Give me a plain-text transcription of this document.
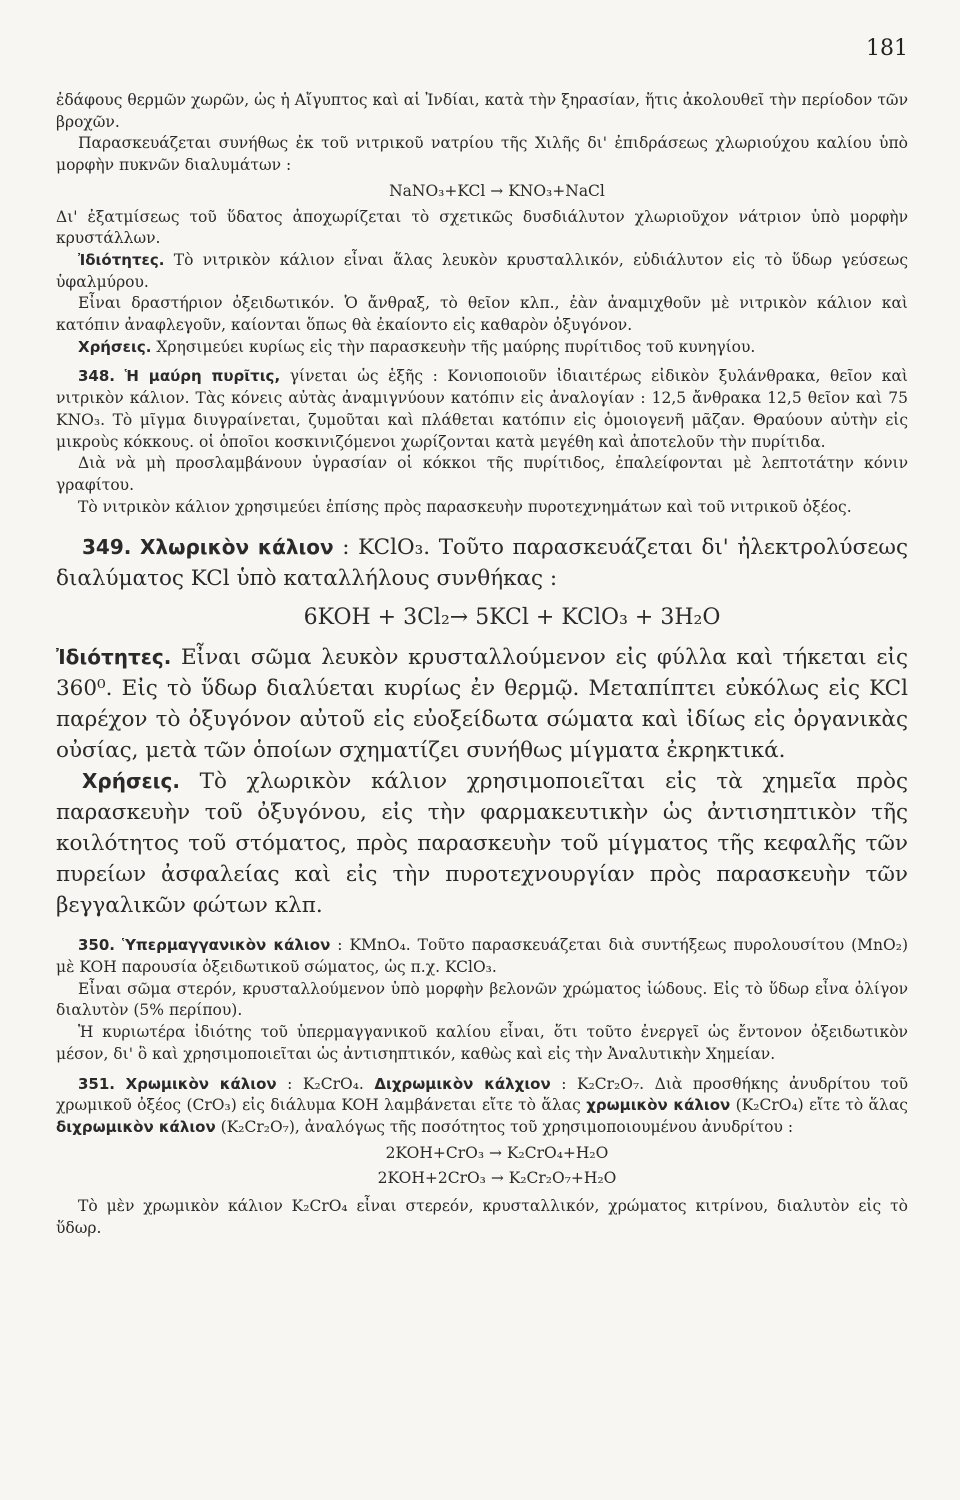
181

ἐδάφους θερμῶν χωρῶν, ὡς ἡ Αἴγυπτος καὶ αἱ Ἰνδίαι, κατὰ τὴν ξηρασίαν, ἥτις ἀκολουθεῖ τὴν περίοδον τῶν βροχῶν.

Παρασκευάζεται συνήθως ἐκ τοῦ νιτρικοῦ νατρίου τῆς Χιλῆς δι' ἐπιδράσεως χλωριούχου καλίου ὑπὸ μορφὴν πυκνῶν διαλυμάτων :

NaNO₃+KCl → KNO₃+NaCl

Δι' ἐξατμίσεως τοῦ ὕδατος ἀποχωρίζεται τὸ σχετικῶς δυσδιάλυτον χλωριοῦχον νάτριον ὑπὸ μορφὴν κρυστάλλων.

Ἰδιότητες. Τὸ νιτρικὸν κάλιον εἶναι ἅλας λευκὸν κρυσταλλικόν, εὐδιάλυτον εἰς τὸ ὕδωρ γεύσεως ὑφαλμύρου.

Εἶναι δραστήριον ὀξειδωτικόν. Ὁ ἄνθραξ, τὸ θεῖον κλπ., ἐὰν ἀναμιχθοῦν μὲ νιτρικὸν κάλιον καὶ κατόπιν ἀναφλεγοῦν, καίονται ὅπως θὰ ἐκαίοντο εἰς καθαρὸν ὀξυγόνον.

Χρήσεις. Χρησιμεύει κυρίως εἰς τὴν παρασκευὴν τῆς μαύρης πυρίτιδος τοῦ κυνηγίου.

348. Ἡ μαύρη πυρῖτις, γίνεται ὡς ἑξῆς : Κονιοποιοῦν ἰδιαιτέρως εἰδικὸν ξυλάνθρακα, θεῖον καὶ νιτρικὸν κάλιον. Τὰς κόνεις αὐτὰς ἀναμιγνύουν κατόπιν εἰς ἀναλογίαν : 12,5 ἄνθρακα 12,5 θεῖον καὶ 75 KNO₃. Τὸ μῖγμα διυγραίνεται, ζυμοῦται καὶ πλάθεται κατόπιν εἰς ὁμοιογενῆ μᾶζαν. Θραύουν αὐτὴν εἰς μικροὺς κόκκους. οἱ ὁποῖοι κοσκινιζόμενοι χωρίζονται κατὰ μεγέθη καὶ ἀποτελοῦν τὴν πυρίτιδα.

Διὰ νὰ μὴ προσλαμβάνουν ὑγρασίαν οἱ κόκκοι τῆς πυρίτιδος, ἐπαλείφονται μὲ λεπτοτάτην κόνιν γραφίτου.

Τὸ νιτρικὸν κάλιον χρησιμεύει ἐπίσης πρὸς παρασκευὴν πυροτεχνημάτων καὶ τοῦ νιτρικοῦ ὀξέος.

349. Χλωρικὸν κάλιον : KClO₃. Τοῦτο παρασκευάζεται δι' ἠλεκτρολύσεως διαλύματος KCl ὑπὸ καταλλήλους συνθήκας :

6KOH + 3Cl₂→ 5KCl + KClO₃ + 3H₂O

Ἰδιότητες. Εἶναι σῶμα λευκὸν κρυσταλλούμενον εἰς φύλλα καὶ τήκεται εἰς 360⁰. Εἰς τὸ ὕδωρ διαλύεται κυρίως ἐν θερμῷ. Μεταπίπτει εὐκόλως εἰς KCl παρέχον τὸ ὀξυγόνον αὐτοῦ εἰς εὐοξείδωτα σώματα καὶ ἰδίως εἰς ὀργανικὰς οὐσίας, μετὰ τῶν ὁποίων σχηματίζει συνήθως μίγματα ἐκρηκτικά.

Χρήσεις. Τὸ χλωρικὸν κάλιον χρησιμοποιεῖται εἰς τὰ χημεῖα πρὸς παρασκευὴν τοῦ ὀξυγόνου, εἰς τὴν φαρμακευτικὴν ὡς ἀντισηπτικὸν τῆς κοιλότητος τοῦ στόματος, πρὸς παρασκευὴν τοῦ μίγματος τῆς κεφαλῆς τῶν πυρείων ἀσφαλείας καὶ εἰς τὴν πυροτεχνουργίαν πρὸς παρασκευὴν τῶν βεγγαλικῶν φώτων κλπ.

350. Ὑπερμαγγανικὸν κάλιον : KMnO₄. Τοῦτο παρασκευάζεται διὰ συντήξεως πυρολουσίτου (MnO₂) μὲ KOH παρουσία ὀξειδωτικοῦ σώματος, ὡς π.χ. KClO₃.

Εἶναι σῶμα στερόν, κρυσταλλούμενον ὑπὸ μορφὴν βελονῶν χρώματος ἰώδους. Εἰς τὸ ὕδωρ εἶνα ὀλίγον διαλυτὸν (5% περίπου).

Ἡ κυριωτέρα ἰδιότης τοῦ ὑπερμαγγανικοῦ καλίου εἶναι, ὅτι τοῦτο ἐνεργεῖ ὡς ἔντονον ὀξειδωτικὸν μέσον, δι' ὃ καὶ χρησιμοποιεῖται ὡς ἀντισηπτικόν, καθὼς καὶ εἰς τὴν Ἀναλυτικὴν Χημείαν.

351. Χρωμικὸν κάλιον : K₂CrO₄. Διχρωμικὸν κάλχιον : K₂Cr₂O₇. Διὰ προσθήκης ἀνυδρίτου τοῦ χρωμικοῦ ὀξέος (CrO₃) εἰς διάλυμα KOH λαμβάνεται εἴτε τὸ ἅλας χρωμικὸν κάλιον (K₂CrO₄) εἴτε τὸ ἅλας διχρωμικὸν κάλιον (K₂Cr₂O₇), ἀναλόγως τῆς ποσότητος τοῦ χρησιμοποιουμένου ἀνυδρίτου :

2KOH+CrO₃ → K₂CrO₄+H₂O

2KOH+2CrO₃ → K₂Cr₂O₇+H₂O

Τὸ μὲν χρωμικὸν κάλιον K₂CrO₄ εἶναι στερεόν, κρυσταλλικόν, χρώματος κιτρίνου, διαλυτὸν εἰς τὸ ὕδωρ.
